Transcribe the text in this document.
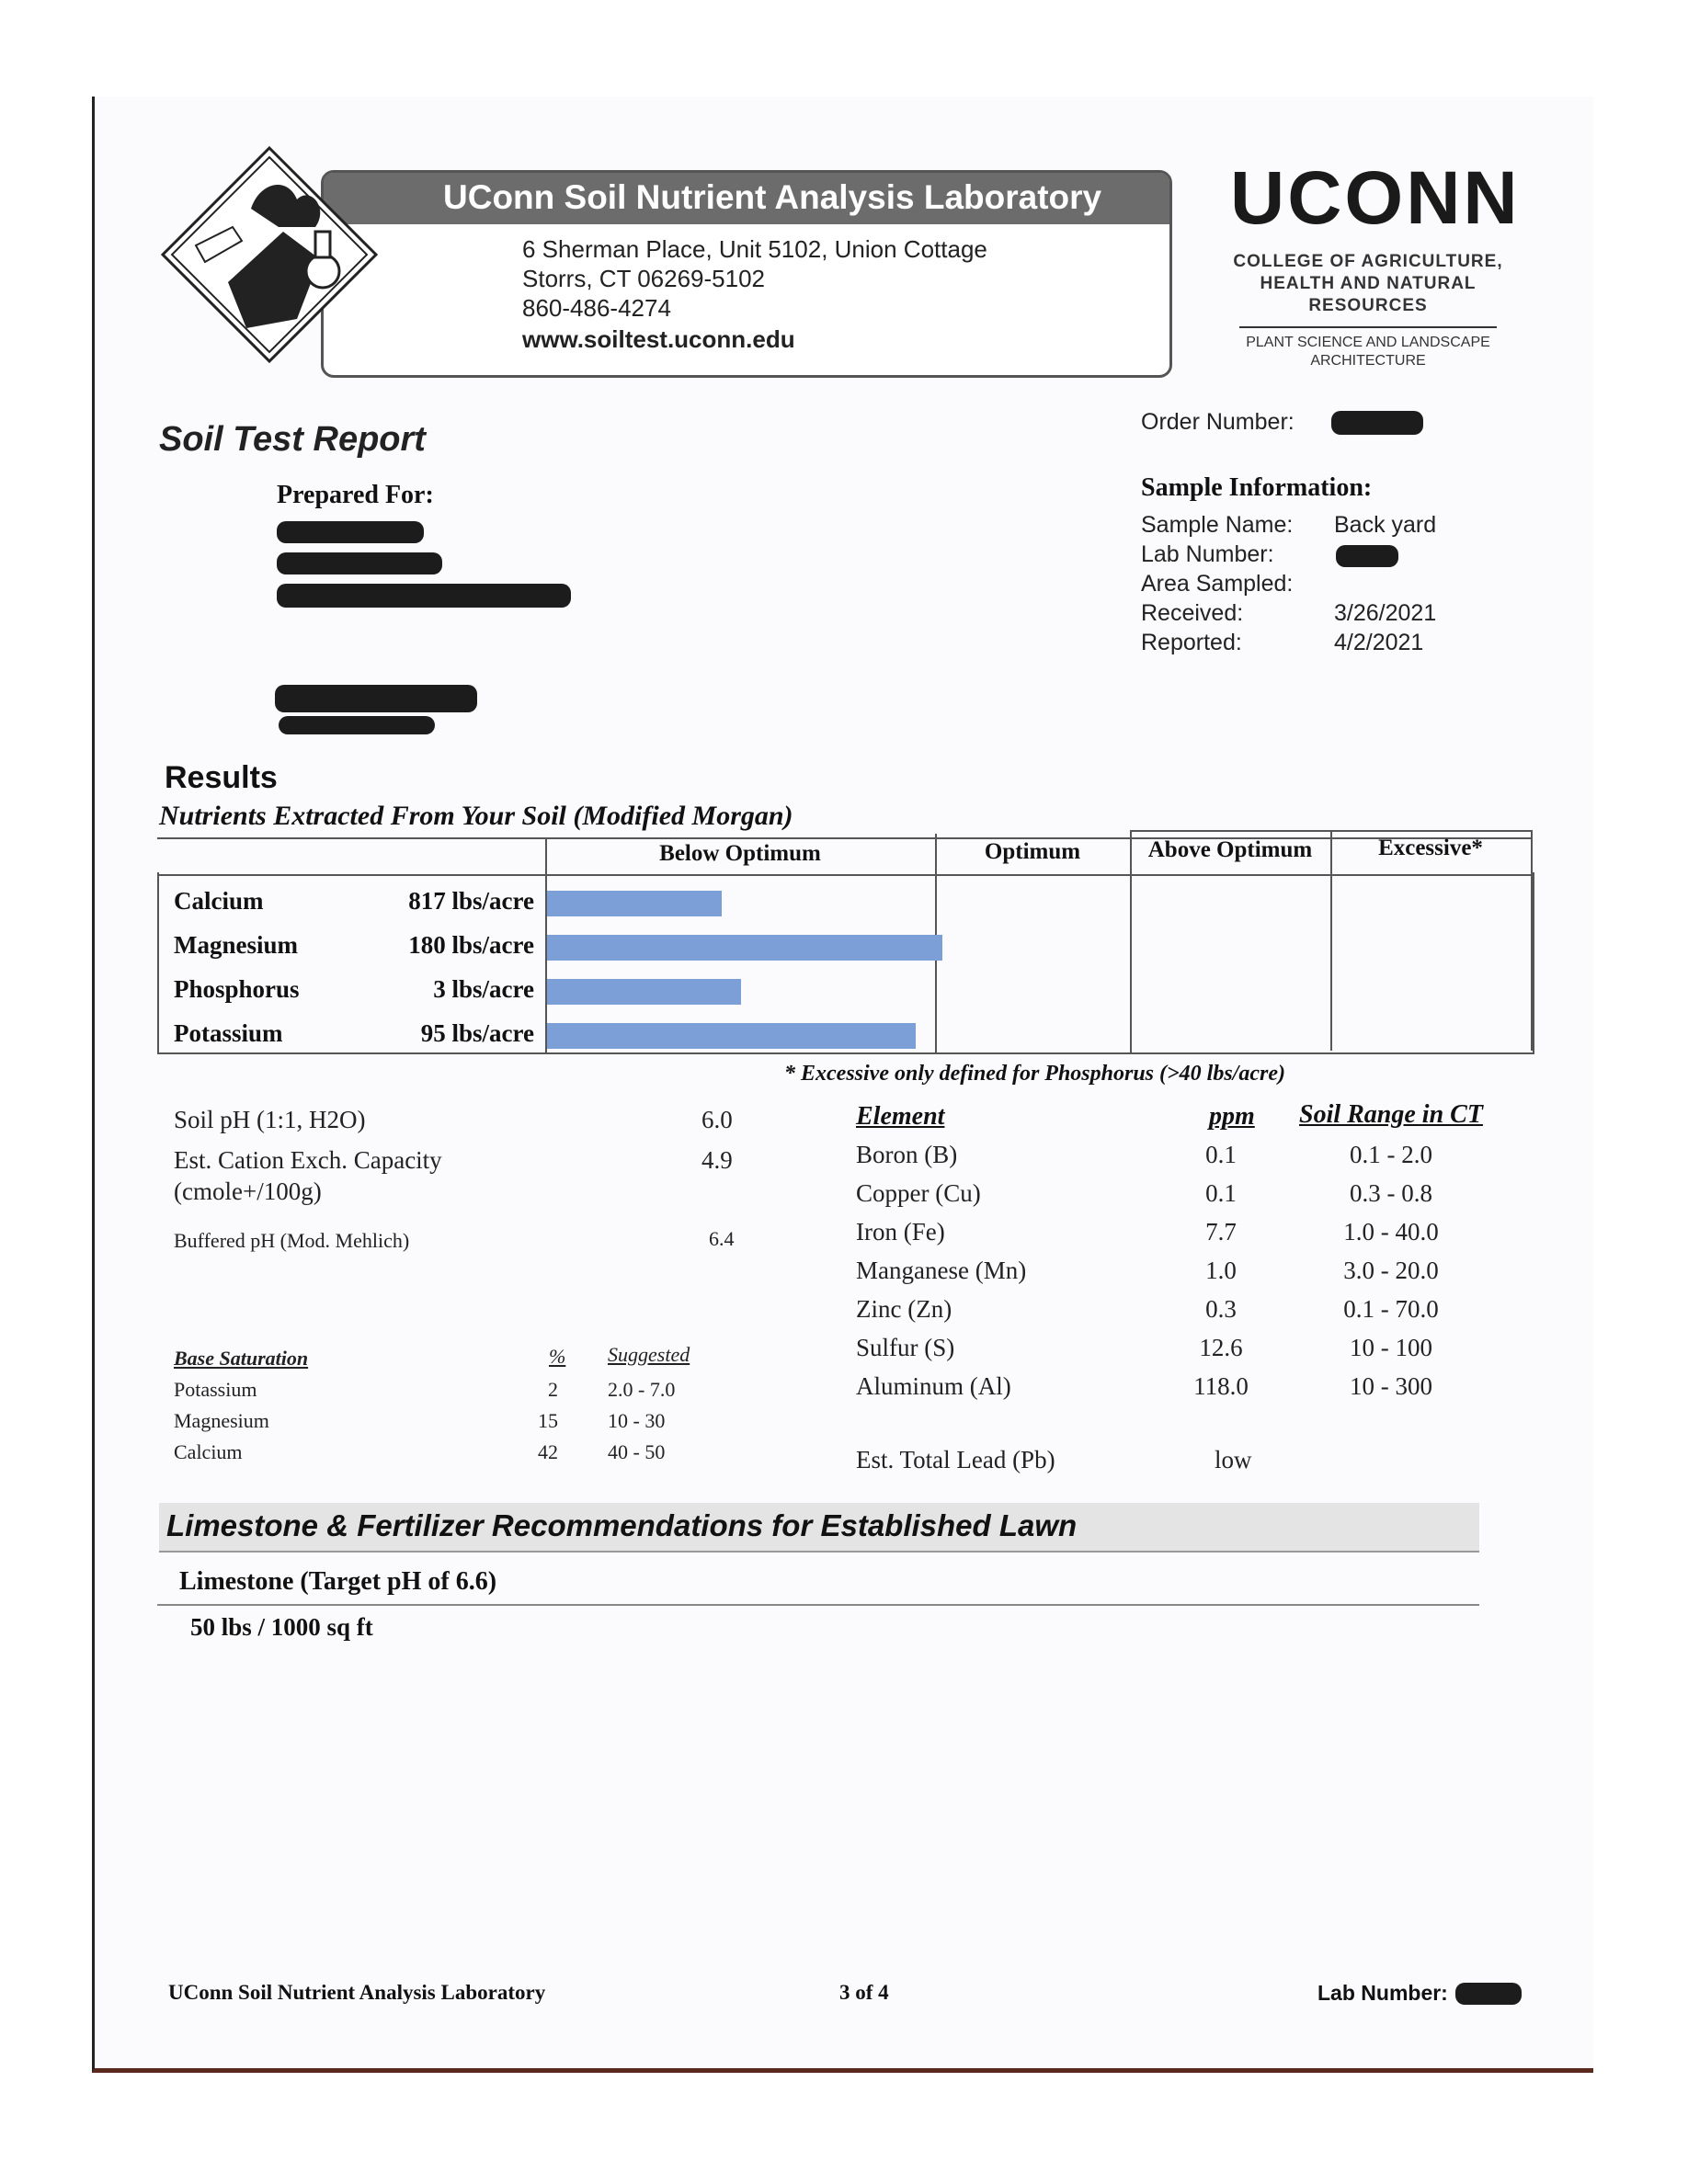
UConn Soil Nutrient Analysis Laboratory
6 Sherman Place, Unit 5102, Union Cottage
Storrs, CT 06269-5102
860-486-4274
www.soiltest.uconn.edu
UCONN
COLLEGE OF AGRICULTURE,
HEALTH AND NATURAL
RESOURCES
PLANT SCIENCE AND LANDSCAPE
ARCHITECTURE
Soil Test Report	Order Number:
Prepared For:	Sample Information:
Sample Name: Back yard
Lab Number:
Area Sampled:
Received:	3/26/2021
Reported:	4/2/2021
Results
Nutrients Extracted From Your Soil (Modified Morgan)
Below Optimum	Optimum	Above Optimum	Excessive*
Calcium	817 lbs/acre
Magnesium	180 lbs/acre
Phosphorus	3 lbs/acre
Potassium	95 lbs/acre
* Excessive only defined for Phosphorus (>40 lbs/acre)
Soil pH (1:1, H2O)	6.0
Est. Cation Exch. Capacity
(cmole+/100g)
4.9
Buffered pH (Mod. Mehlich)	6.4
Base Saturation	% Suggested
Potassium	2 2.0 - 7.0
Magnesium	15 10 - 30
Calcium	42 40 - 50
Element	ppm Soil Range in CT
Boron (B)	0.1	0.1 - 2.0
Copper (Cu)	0.1	0.3 - 0.8
Iron (Fe)	7.7	1.0 - 40.0
Manganese (Mn)	1.0	3.0 - 20.0
Zinc (Zn)	0.3	0.1 - 70.0
Sulfur (S)	12.6	10 - 100
Aluminum (Al)	118.0	10 - 300
Est. Total Lead (Pb)	low
Limestone & Fertilizer Recommendations for Established Lawn
Limestone (Target pH of 6.6)
50 lbs / 1000 sq ft
UConn Soil Nutrient Analysis Laboratory	3 of 4	Lab Number:
